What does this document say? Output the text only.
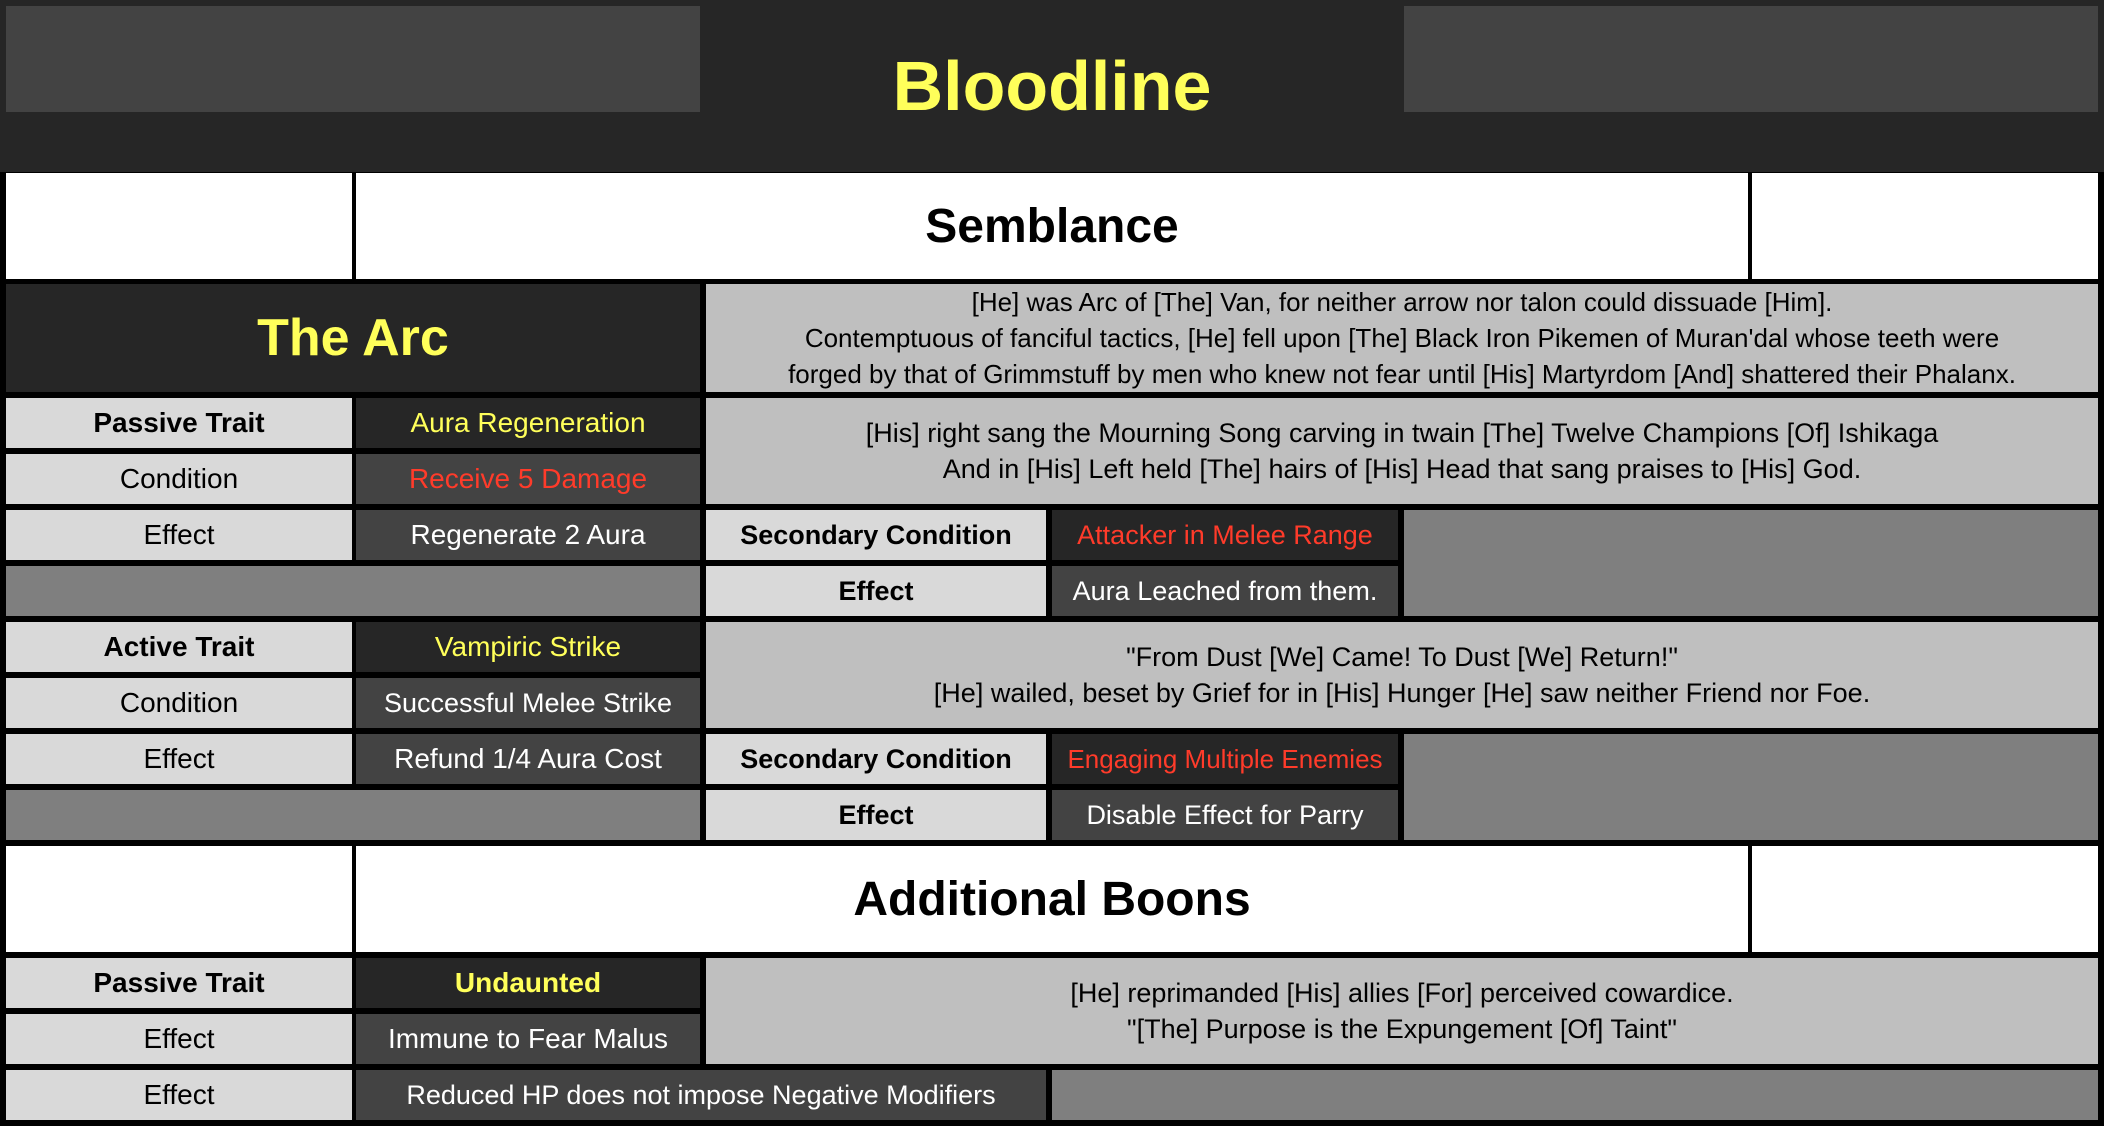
Bloodline
Semblance
The Arc
[He] was Arc of [The] Van, for neither arrow nor talon could dissuade [Him].
Contemptuous of fanciful tactics, [He] fell upon [The] Black Iron Pikemen of Muran'dal whose teeth were
forged by that of Grimmstuff by men who knew not fear until [His] Martyrdom [And] shattered their Phalanx.
Passive Trait	Aura Regeneration
Condition	Receive 5 Damage
[His] right sang the Mourning Song carving in twain [The] Twelve Champions [Of] Ishikaga
And in [His] Left held [The] hairs of [His] Head that sang praises to [His] God.
Effect	Regenerate 2 Aura	Secondary Condition	Attacker in Melee Range
Effect	Aura Leached from them.
Active Trait	Vampiric Strike
Condition	Successful Melee Strike
"From Dust [We] Came! To Dust [We] Return!"
[He] wailed, beset by Grief for in [His] Hunger [He] saw neither Friend nor Foe.
Effect	Refund 1/4 Aura Cost	Secondary Condition	Engaging Multiple Enemies
Effect	Disable Effect for Parry
Additional Boons
Passive Trait	Undaunted	[He] reprimanded [His] allies [For] perceived cowardice.
"[The] Purpose is the Expungement [Of] Taint"
Effect	Immune to Fear Malus
Effect	Reduced HP does not impose Negative Modifiers
